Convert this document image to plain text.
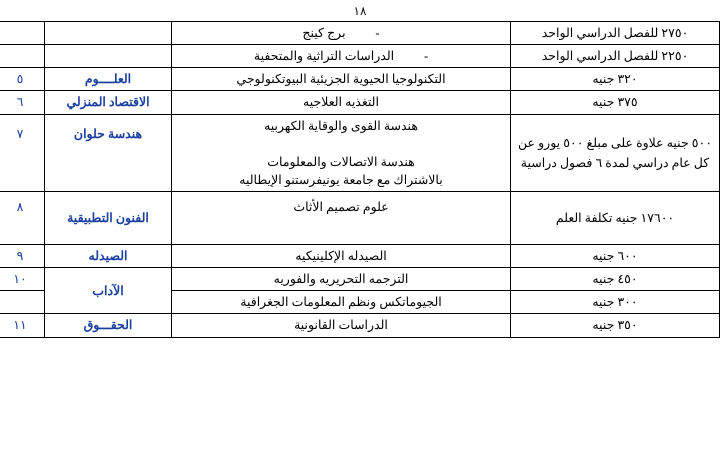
١٨
٢٧٥٠ للفصل الدراسي الواحد	-برج كينج		

٢٢٥٠ للفصل الدراسي الواحد	-الدراسات التراثية والمتحفية		

٣٢٠ جنيه	التكنولوجيا الحيوية الجزيئية البيوتكنولوجي	العلــــوم	٥
٣٧٥ جنيه	التغذيه العلاجيه	الاقتصاد المنزلي	٦

٥٠٠ جنيه علاوة على مبلغ ٥٠٠ يورو عن كل عام دراسي لمدة ٦ فصول دراسية	هندسة القوى والوقاية الكهربيه

هندسة الاتصالات والمعلومات
بالاشتراك مع جامعة يونيفرستنو الإيطاليه	هندسة حلوان	٧
١٧٦٠٠ جنيه تكلفة العلم	علوم تصميم الأثاث	الفنون التطبيقية	٨
٦٠٠ جنيه	الصيدله الإكلينيكيه	الصيدله	٩
٤٥٠ جنيه	الترجمه التحريريه والفوريه	الآداب	١٠
٣٠٠ جنيه	الجيوماتكس ونظم المعلومات الجغرافية		
٣٥٠ جنيه	الدراسات القانونية	الحقـــوق	١١
